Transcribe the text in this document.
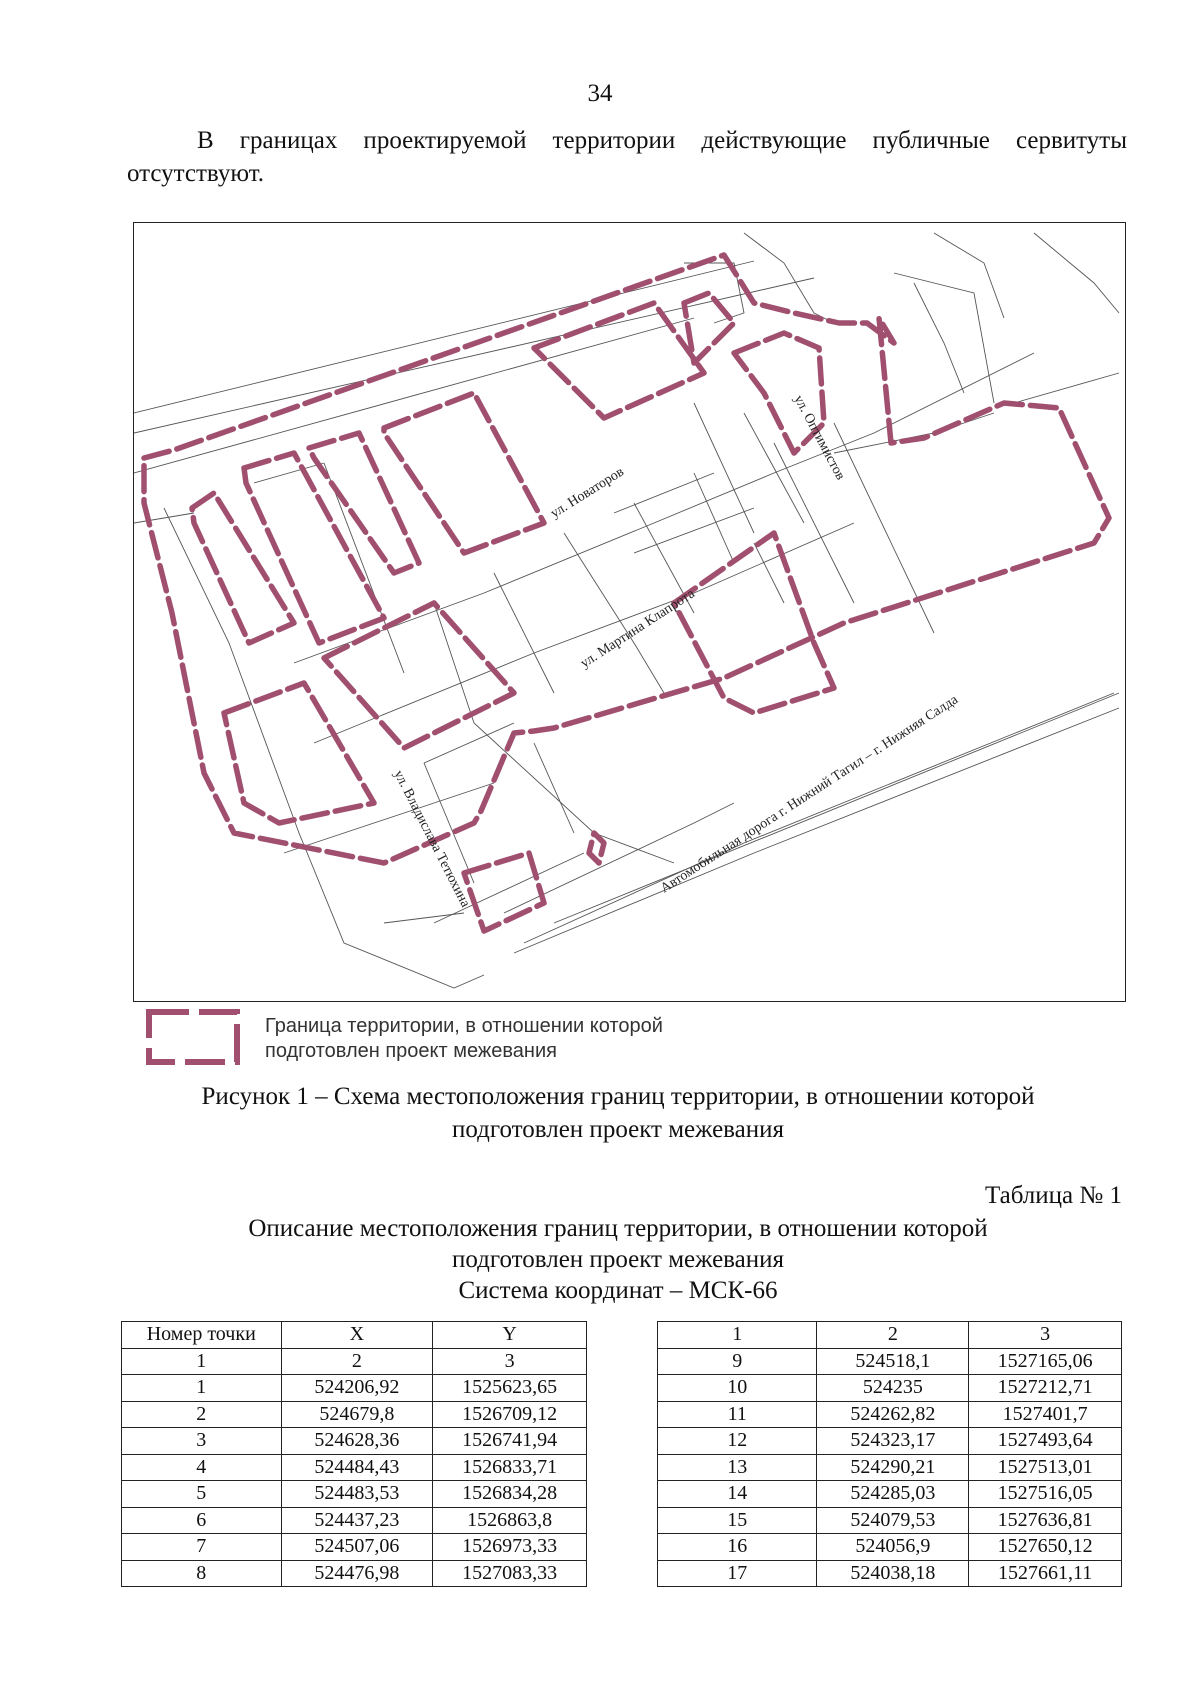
34
В границах проектируемой территории действующие публичные сервитуты отсутствуют.
ул. Новаторов
ул. Оптимистов
ул. Мартина Клапрота
ул. Владислава Тетюхина	Автомобильная дорога г. Нижний Тагил – г. Нижняя Салда
Граница территории, в отношении которой
подготовлен проект межевания
Рисунок 1 – Схема местоположения границ территории, в отношении которой
подготовлен проект межевания
Таблица № 1
Описание местоположения границ территории, в отношении которой
подготовлен проект межевания
Система координат – МСК-66
Номер точки	X	Y
1	2	3
1	524206,92	1525623,65
2	524679,8	1526709,12
3	524628,36	1526741,94
4	524484,43	1526833,71
5	524483,53	1526834,28
6	524437,23	1526863,8
7	524507,06	1526973,33
8	524476,98	1527083,33
1	2	3
9	524518,1	1527165,06
10	524235	1527212,71
11	524262,82	1527401,7
12	524323,17	1527493,64
13	524290,21	1527513,01
14	524285,03	1527516,05
15	524079,53	1527636,81
16	524056,9	1527650,12
17	524038,18	1527661,11
